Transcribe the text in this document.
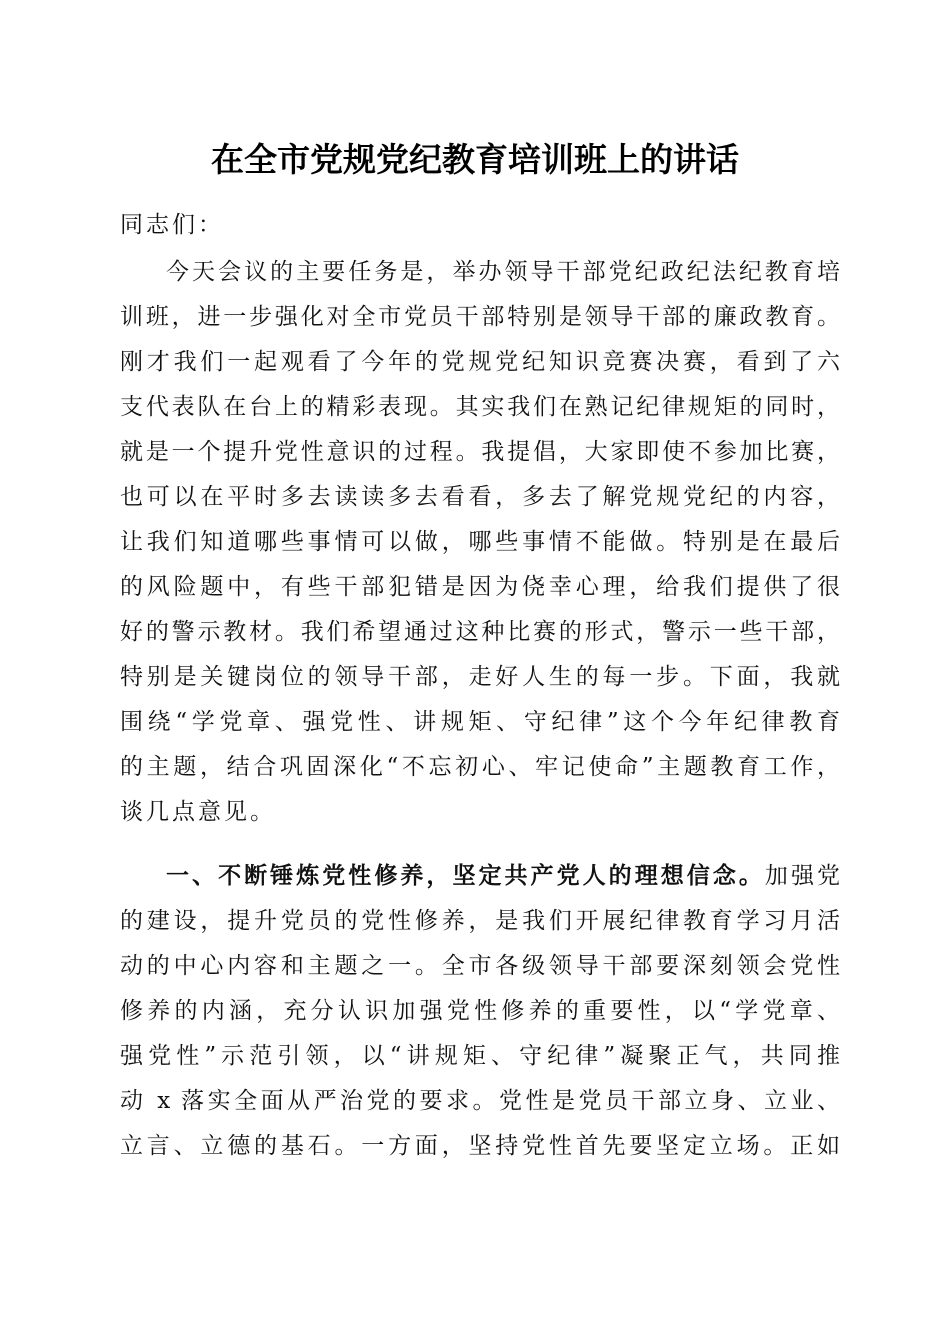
在全市党规党纪教育培训班上的讲话
同志们：
今天会议的主要任务是，举办领导干部党纪政纪法纪教育培
训班，进一步强化对全市党员干部特别是领导干部的廉政教育。
刚才我们一起观看了今年的党规党纪知识竞赛决赛，看到了六
支代表队在台上的精彩表现。其实我们在熟记纪律规矩的同时，
就是一个提升党性意识的过程。我提倡，大家即使不参加比赛，
也可以在平时多去读读多去看看，多去了解党规党纪的内容，
让我们知道哪些事情可以做，哪些事情不能做。特别是在最后
的风险题中，有些干部犯错是因为侥幸心理，给我们提供了很
好的警示教材。我们希望通过这种比赛的形式，警示一些干部，
特别是关键岗位的领导干部，走好人生的每一步。下面，我就
围绕“学党章、强党性、讲规矩、守纪律”这个今年纪律教育
的主题，结合巩固深化“不忘初心、牢记使命”主题教育工作，
谈几点意见。
一、不断锤炼党性修养，坚定共产党人的理想信念。加强党
的建设，提升党员的党性修养，是我们开展纪律教育学习月活
动的中心内容和主题之一。全市各级领导干部要深刻领会党性
修养的内涵，充分认识加强党性修养的重要性，以“学党章、
强党性”示范引领，以“讲规矩、守纪律”凝聚正气，共同推
动 x 落实全面从严治党的要求。党性是党员干部立身、立业、
立言、立德的基石。一方面，坚持党性首先要坚定立场。正如
